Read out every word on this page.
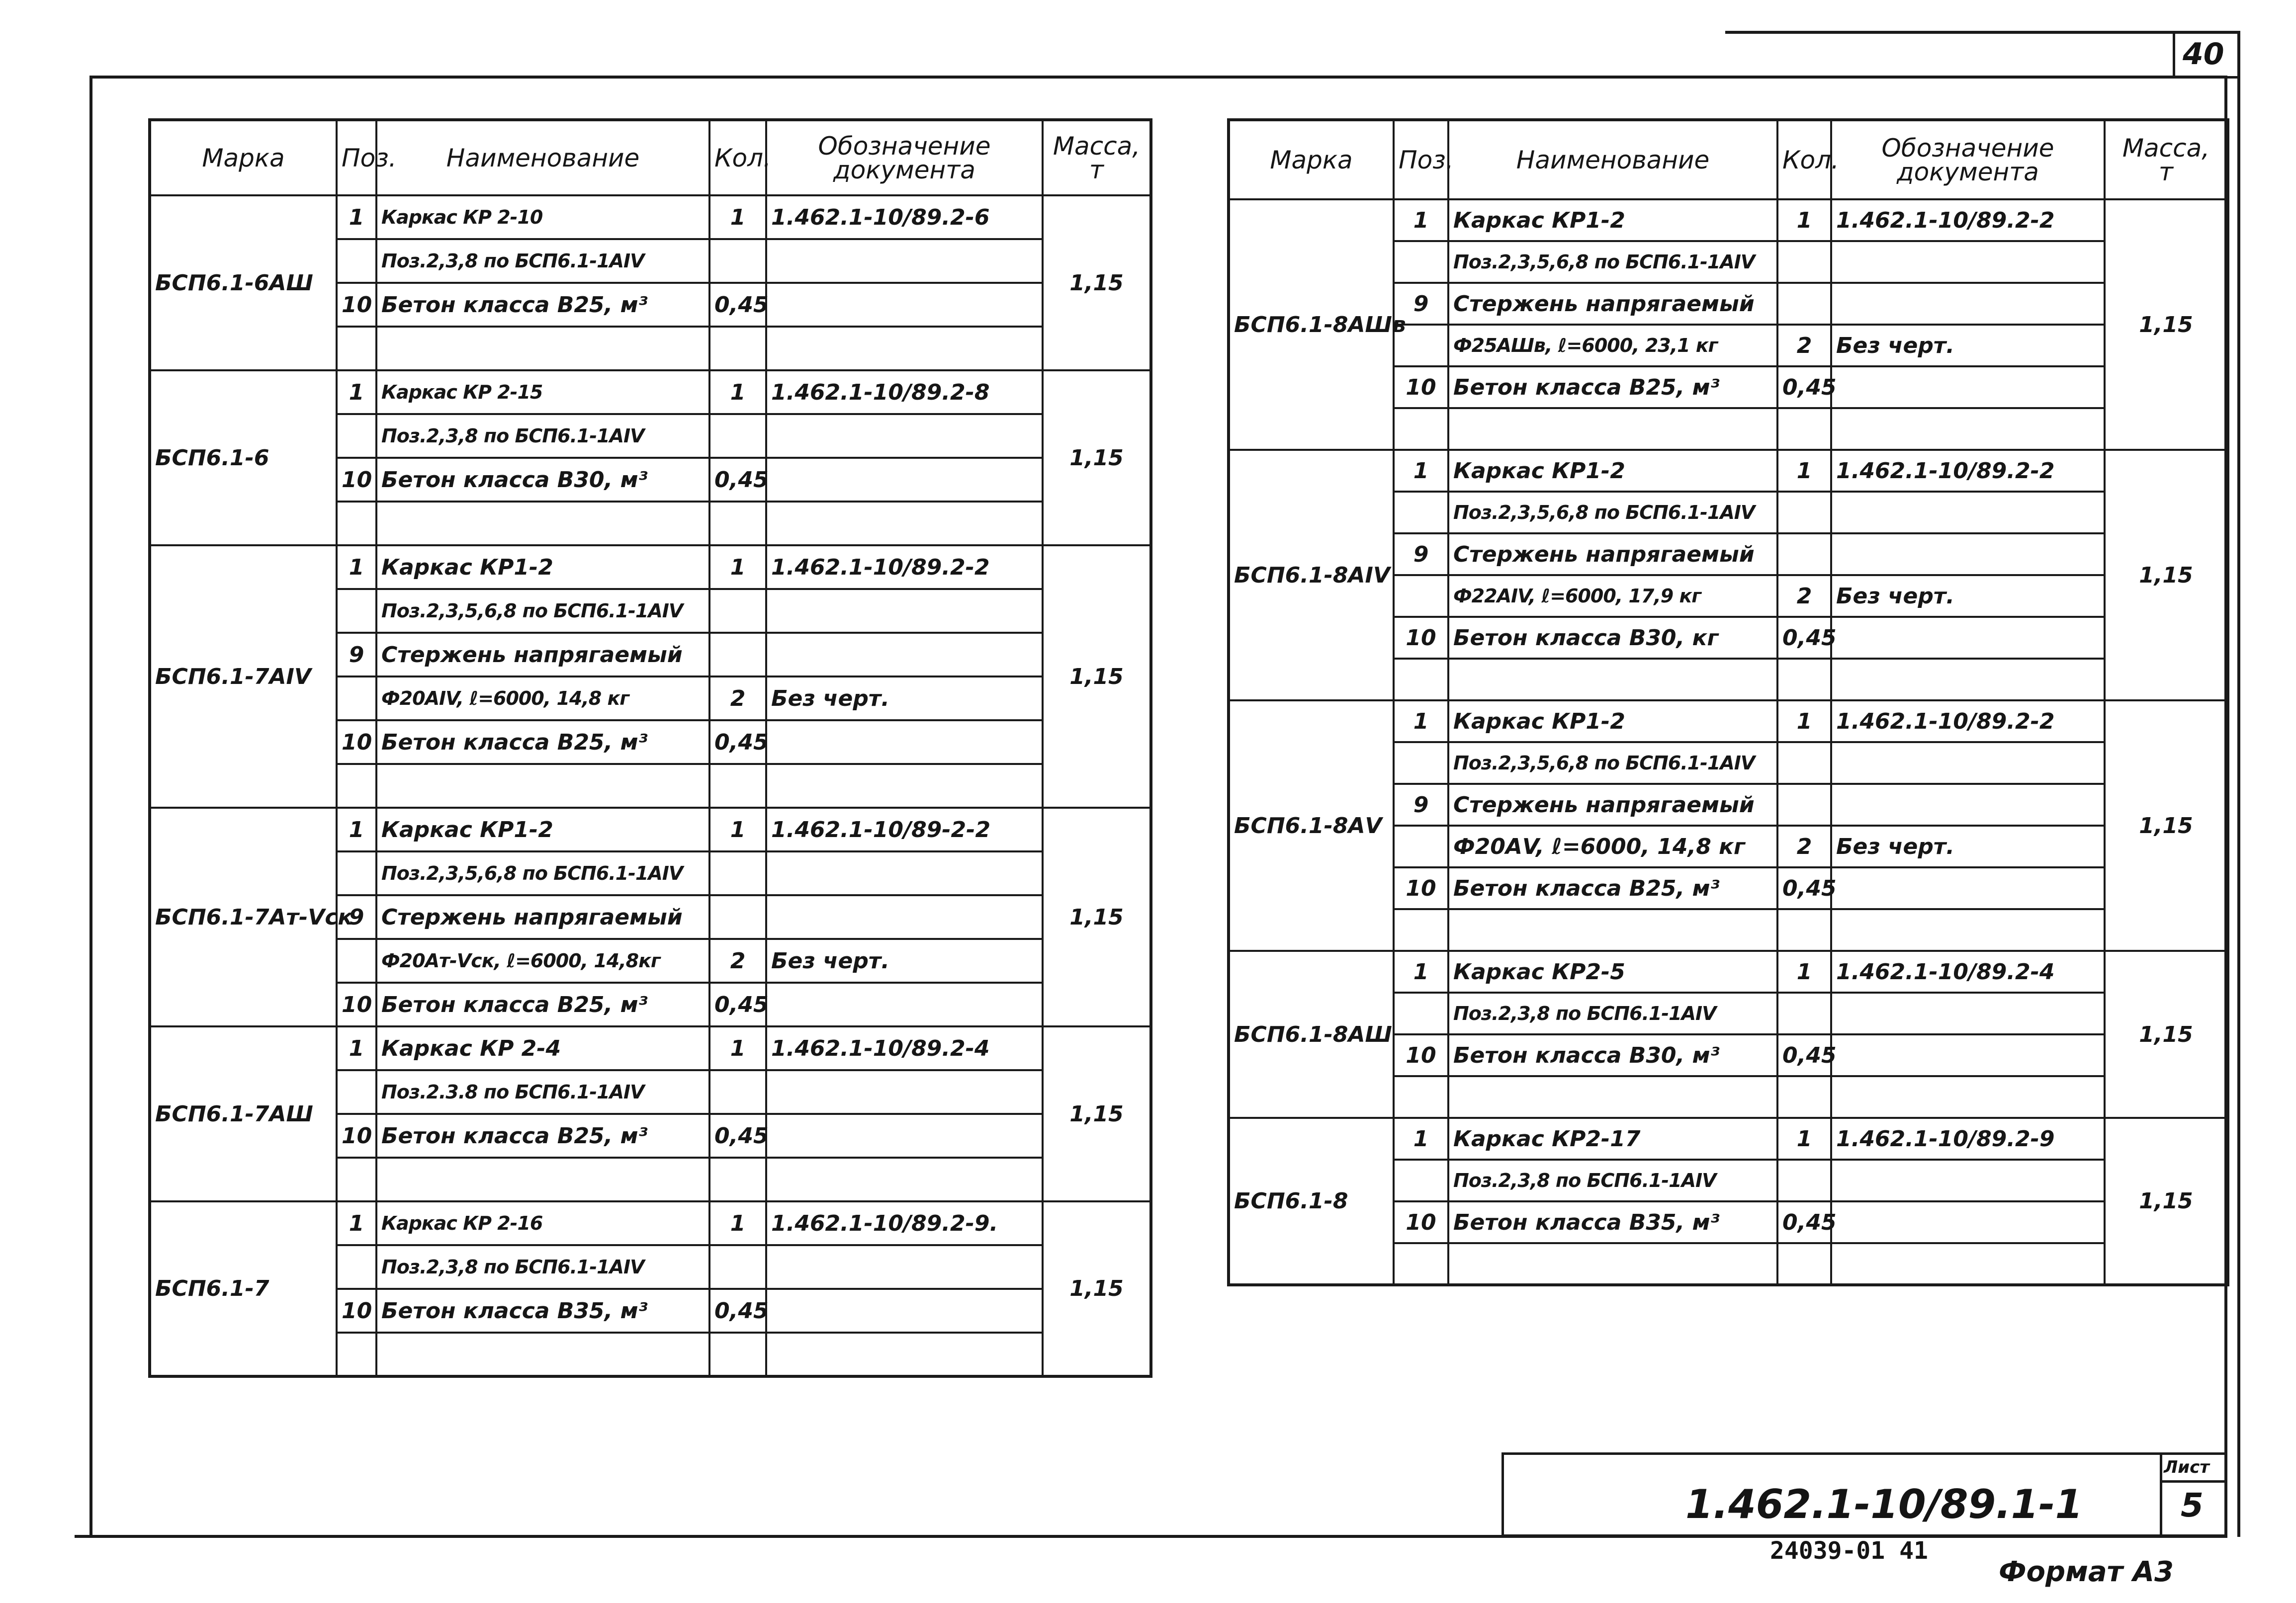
40
Марка	Поз.	Наименование	Кол.	Обозначение
документа	Масса,
т
БСП6.1-6АШ	1	Каркас КР 2-10	1	1.462.1-10/89.2-6	1,15
		Поз.2,3,8 по БСП6.1-1АIV			
	10	Бетон класса В25, м³	0,45		

БСП6.1-6	1	Каркас КР 2-15	1	1.462.1-10/89.2-8	1,15
		Поз.2,3,8 по БСП6.1-1АIV			
	10	Бетон класса В30, м³	0,45		

БСП6.1-7АIV	1	Каркас КР1-2	1	1.462.1-10/89.2-2	1,15
		Поз.2,3,5,6,8 по БСП6.1-1АIV			
	9	Стержень напрягаемый			
		Ф20АIV, ℓ=6000, 14,8 кг	2	Без черт.	
	10	Бетон класса В25, м³	0,45		

БСП6.1-7Ат-Vск	1	Каркас КР1-2	1	1.462.1-10/89-2-2	1,15
		Поз.2,3,5,6,8 по БСП6.1-1АIV			
	9	Стержень напрягаемый			
		Ф20Ат-Vск, ℓ=6000, 14,8кг	2	Без черт.	
	10	Бетон класса В25, м³	0,45		
БСП6.1-7АШ	1	Каркас КР 2-4	1	1.462.1-10/89.2-4	1,15
		Поз.2.3.8 по БСП6.1-1АIV			
	10	Бетон класса В25, м³	0,45		

БСП6.1-7	1	Каркас КР 2-16	1	1.462.1-10/89.2-9.	1,15
		Поз.2,3,8 по БСП6.1-1АIV			
	10	Бетон класса В35, м³	0,45		

Марка	Поз.	Наименование	Кол.	Обозначение
документа	Масса,
т
БСП6.1-8АШв	1	Каркас КР1-2	1	1.462.1-10/89.2-2	1,15
		Поз.2,3,5,6,8 по БСП6.1-1АIV			
	9	Стержень напрягаемый			
		Ф25АШв, ℓ=6000, 23,1 кг	2	Без черт.	
	10	Бетон класса В25, м³	0,45		

БСП6.1-8АIV	1	Каркас КР1-2	1	1.462.1-10/89.2-2	1,15
		Поз.2,3,5,6,8 по БСП6.1-1АIV			
	9	Стержень напрягаемый			
		Ф22АIV, ℓ=6000, 17,9 кг	2	Без черт.	
	10	Бетон класса В30, кг	0,45		

БСП6.1-8АV	1	Каркас КР1-2	1	1.462.1-10/89.2-2	1,15
		Поз.2,3,5,6,8 по БСП6.1-1АIV			
	9	Стержень напрягаемый			
		Ф20АV, ℓ=6000, 14,8 кг	2	Без черт.	
	10	Бетон класса В25, м³	0,45		

БСП6.1-8АШ	1	Каркас КР2-5	1	1.462.1-10/89.2-4	1,15
		Поз.2,3,8 по БСП6.1-1АIV			
	10	Бетон класса В30, м³	0,45		

БСП6.1-8	1	Каркас КР2-17	1	1.462.1-10/89.2-9	1,15
		Поз.2,3,8 по БСП6.1-1АIV			
	10	Бетон класса В35, м³	0,45		

1.462.1-10/89.1-1
Лист
5
24039-01 41
Формат А3
